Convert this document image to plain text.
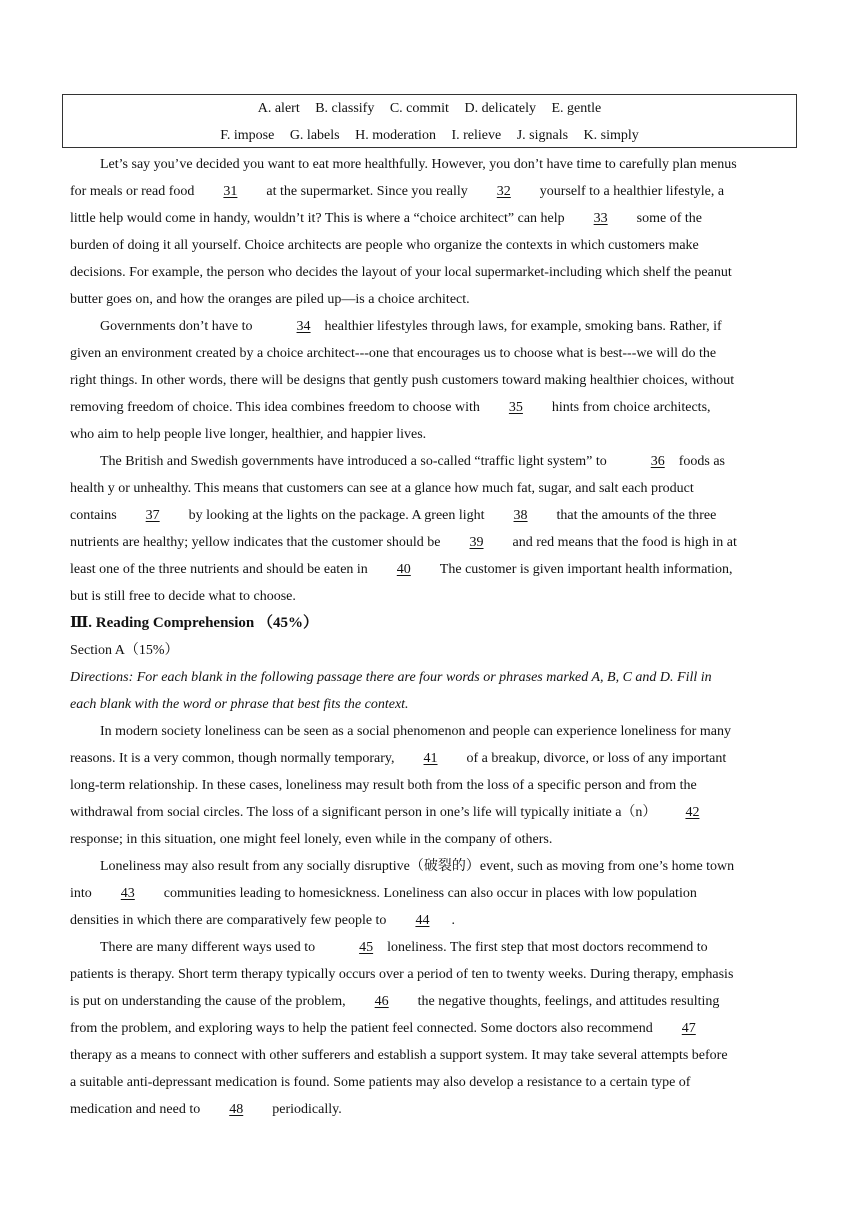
A. alert B. classify C. commit D. delicately E. gentle
F. impose G. labels H. moderation I. relieve J. signals K. simply

Let’s say you’ve decided you want to eat more healthfully. However, you don’t have time to carefully plan menus
for meals or read food 31 at the supermarket. Since you really 32 yourself to a healthier lifestyle, a
little help would come in handy, wouldn’t it? This is where a “choice architect” can help 33 some of the
burden of doing it all yourself. Choice architects are people who organize the contexts in which customers make
decisions. For example, the person who decides the layout of your local supermarket-including which shelf the peanut
butter goes on, and how the oranges are piled up—is a choice architect.

Governments don’t have to	34 healthier lifestyles through laws, for example, smoking bans. Rather, if
given an environment created by a choice architect---one that encourages us to choose what is best---we will do the
right things. In other words, there will be designs that gently push customers toward making healthier choices, without
removing freedom of choice. This idea combines freedom to choose with 35 hints from choice architects,
who aim to help people live longer, healthier, and happier lives.

The British and Swedish governments have introduced a so-called “traffic light system” to	36 foods as
health y or unhealthy. This means that customers can see at a glance how much fat, sugar, and salt each product
contains 37 by looking at the lights on the package. A green light 38 that the amounts of the three
nutrients are healthy; yellow indicates that the customer should be 39 and red means that the food is high in at
least one of the three nutrients and should be eaten in 40 The customer is given important health information,
but is still free to decide what to choose.

Ⅲ. Reading Comprehension （45%）
Section A（15%）
Directions: For each blank in the following passage there are four words or phrases marked A, B, C and D. Fill in
each blank with the word or phrase that best fits the context.

In modern society loneliness can be seen as a social phenomenon and people can experience loneliness for many
reasons. It is a very common, though normally temporary, 41 of a breakup, divorce, or loss of any important
long-term relationship. In these cases, loneliness may result both from the loss of a specific person and from the
withdrawal from social circles. The loss of a significant person in one’s life will typically initiate a（n） 42
response; in this situation, one might feel lonely, even while in the company of others.

Loneliness may also result from any socially disruptive（破裂的）event, such as moving from one’s home town
into 43 communities leading to homesickness. Loneliness can also occur in places with low population
densities in which there are comparatively few people to 44 .

There are many different ways used to	45 loneliness. The first step that most doctors recommend to
patients is therapy. Short term therapy typically occurs over a period of ten to twenty weeks. During therapy, emphasis
is put on understanding the cause of the problem, 46 the negative thoughts, feelings, and attitudes resulting
from the problem, and exploring ways to help the patient feel connected. Some doctors also recommend 47
therapy as a means to connect with other sufferers and establish a support system. It may take several attempts before
a suitable anti-depressant medication is found. Some patients may also develop a resistance to a certain type of
medication and need to 48 periodically.
